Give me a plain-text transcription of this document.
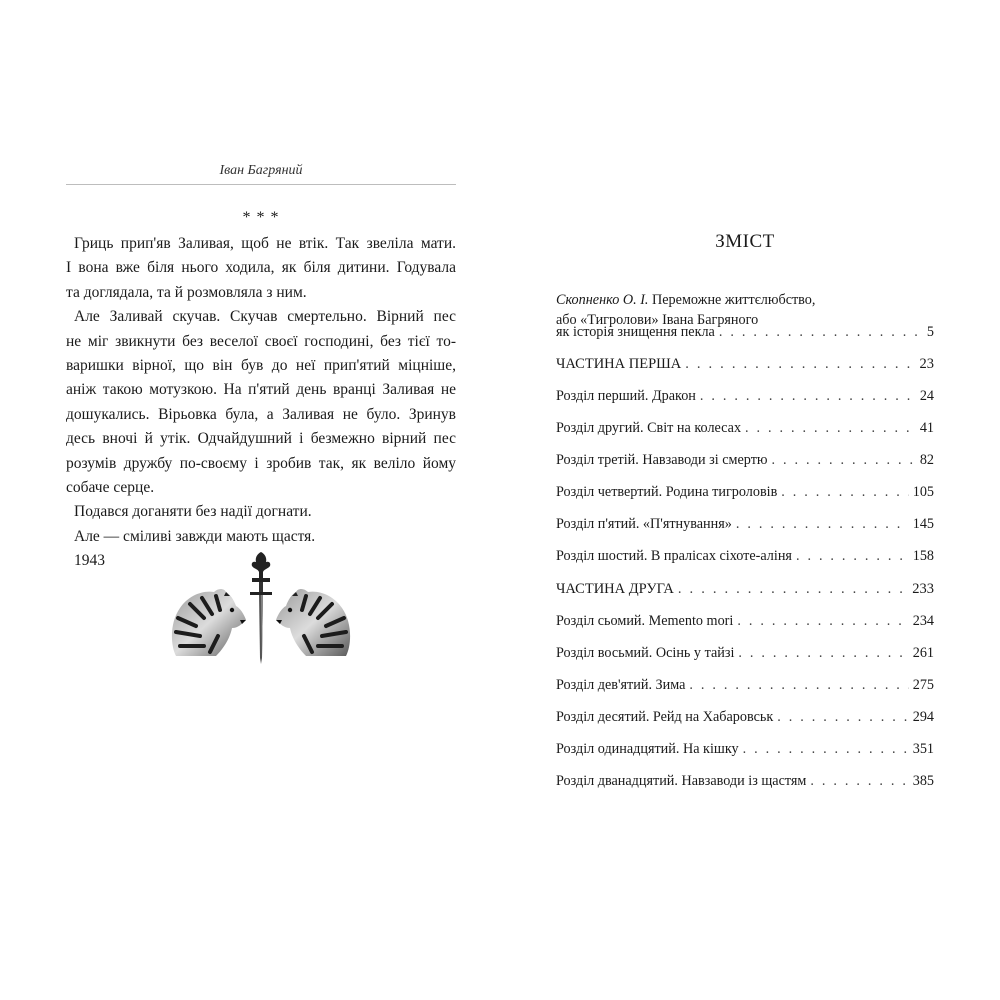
Іван Багряний
* * *
Гриць прип'яв Заливая, щоб не втік. Так звеліла мати.
І вона вже біля нього ходила, як біля дитини. Годувала
та доглядала, та й розмовляла з ним.
Але Заливай скучав. Скучав смертельно. Вірний пес
не міг звикнути без веселої своєї господині, без тієї то-
варишки вірної, що він був до неї прип'ятий міцніше,
аніж такою мотузкою. На п'ятий день вранці Заливая не
дошукались. Вірьовка була, а Заливая не було. Зринув
десь вночі й утік. Одчайдушний і безмежно вірний пес
розумів дружбу по-своєму і зробив так, як веліло йому
собаче серце.
Подався доганяти без надії догнати.
Але — сміливі завжди мають щастя.
1943
ЗМІСТ
Скопненко О. І. Переможне життєлюбство,
або «Тигролови» Івана Багряного
як історія знищення пекла . . .	5
ЧАСТИНА ПЕРША . . .	23
Розділ перший. Дракон . . .	24
Розділ другий. Світ на колесах . . .	41
Розділ третій. Навзаводи зі смертю . . .	82
Розділ четвертий. Родина тигроловів . . .	105
Розділ п'ятий. «П'ятнування» . . .	145
Розділ шостий. В пралісах сіхоте-аліня . . .	158
ЧАСТИНА ДРУГА . . .	233
Розділ сьомий. Memento mori . . .	234
Розділ восьмий. Осінь у тайзі . . .	261
Розділ дев'ятий. Зима . . .	275
Розділ десятий. Рейд на Хабаровськ . . .	294
Розділ одинадцятий. На кішку . . .	351
Розділ дванадцятий. Навзаводи із щастям . . .	385
